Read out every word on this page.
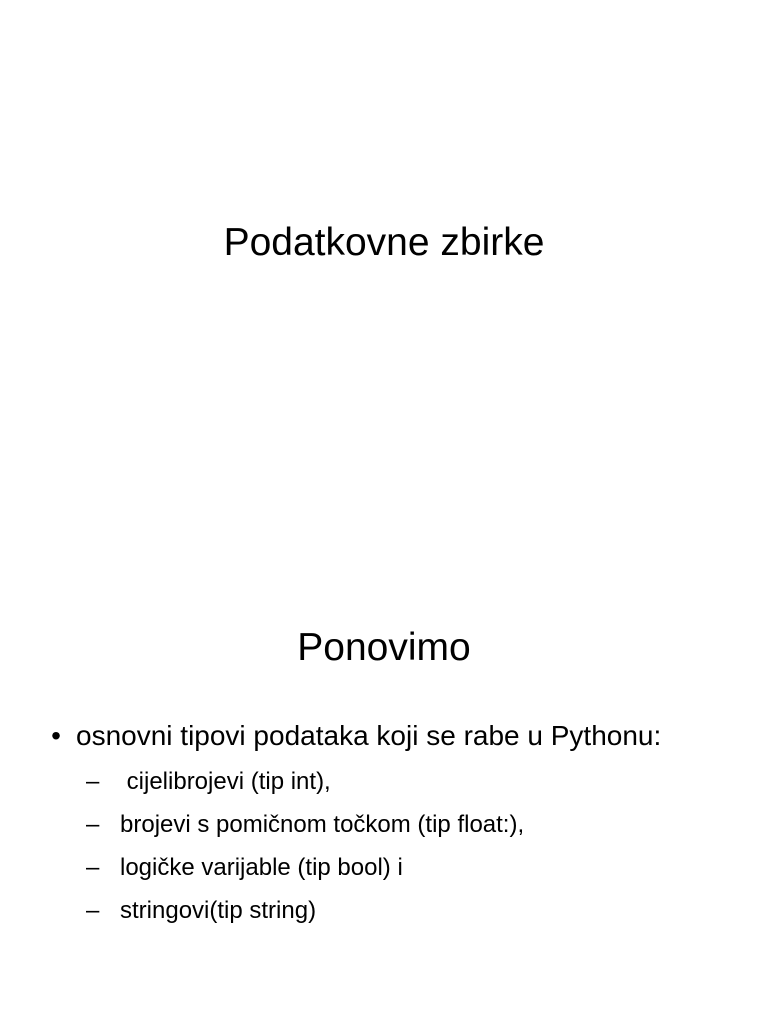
Podatkovne zbirke
Ponovimo
• osnovni tipovi podataka koji se rabe u Pythonu:
– cijelibrojevi (tip int),
– brojevi s pomičnom točkom (tip float:),
– logičke varijable (tip bool) i
– stringovi(tip string)
